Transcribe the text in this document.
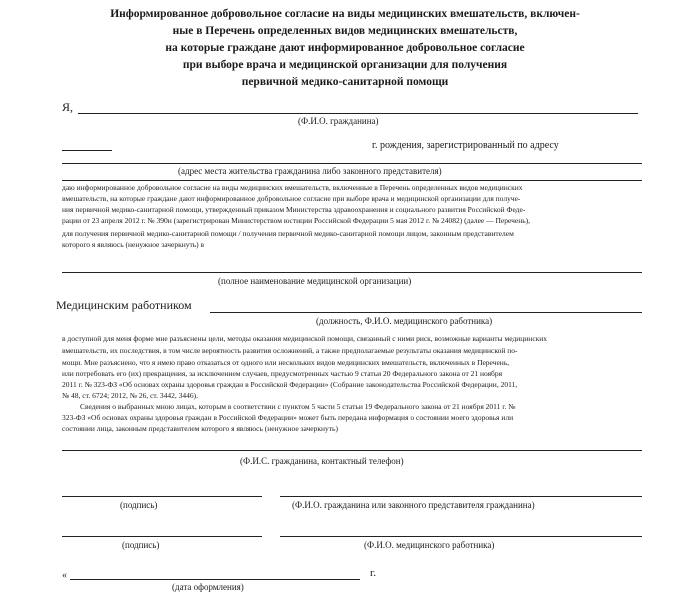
Информированное добровольное согласие на виды медицинских вмешательств, включен-
ные в Перечень определенных видов медицинских вмешательств,
на которые граждане дают информированное добровольное согласие
при выборе врача и медицинской организации для получения
первичной медико-санитарной помощи
Я,
(Ф.И.О. гражданина)
г. рождения, зарегистрированный по адресу
(адрес места жительства гражданина либо законного представителя)
даю информированное добровольное согласие на виды медицинских вмешательств, включенные в Перечень определенных видов медицинских
вмешательств, на которые граждане дают информированное добровольное согласие при выборе врача и медицинской организации для получе-
ния первичной медико-санитарной помощи, утвержденный приказом Министерства здравоохранения и социального развития Российской Феде-
рации от 23 апреля 2012 г. № 390н (зарегистрирован Министерством юстиции Российской Федерации 5 мая 2012 г. № 24082) (далее — Перечень),
для получения первичной медико-санитарной помощи / получения первичной медико-санитарной помощи лицом, законным представителем
которого я являюсь (ненужное зачеркнуть) в
(полное наименование медицинской организации)
Медицинским работником
(должность, Ф.И.О. медицинского работника)
в доступной для меня форме мне разъяснены цели, методы оказания медицинской помощи, связанный с ними риск, возможные варианты медицинских
вмешательств, их последствия, в том числе вероятность развития осложнений, а также предполагаемые результаты оказания медицинской по-
мощи. Мне разъяснено, что я имею право отказаться от одного или нескольких видов медицинских вмешательств, включенных в Перечень,
или потребовать его (их) прекращения, за исключением случаев, предусмотренных частью 9 статьи 20 Федерального закона от 21 ноября
2011 г. № 323-ФЗ «Об основах охраны здоровья граждан в Российской Федерации» (Собрание законодательства Российской Федерации, 2011,
№ 48, ст. 6724; 2012, № 26, ст. 3442, 3446).
Сведения о выбранных мною лицах, которым в соответствии с пунктом 5 части 5 статьи 19 Федерального закона от 21 ноября 2011 г. №
323-ФЗ «Об основах охраны здоровья граждан в Российской Федерации» может быть передана информация о состоянии моего здоровья или
состоянии лица, законным представителем которого я являюсь (ненужное зачеркнуть)
(Ф.И.С. гражданина, контактный телефон)
(подпись)	(Ф.И.О. гражданина или законного представителя гражданина)
(подпись)	(Ф.И.О. медицинского работника)
«	г.
(дата оформления)
